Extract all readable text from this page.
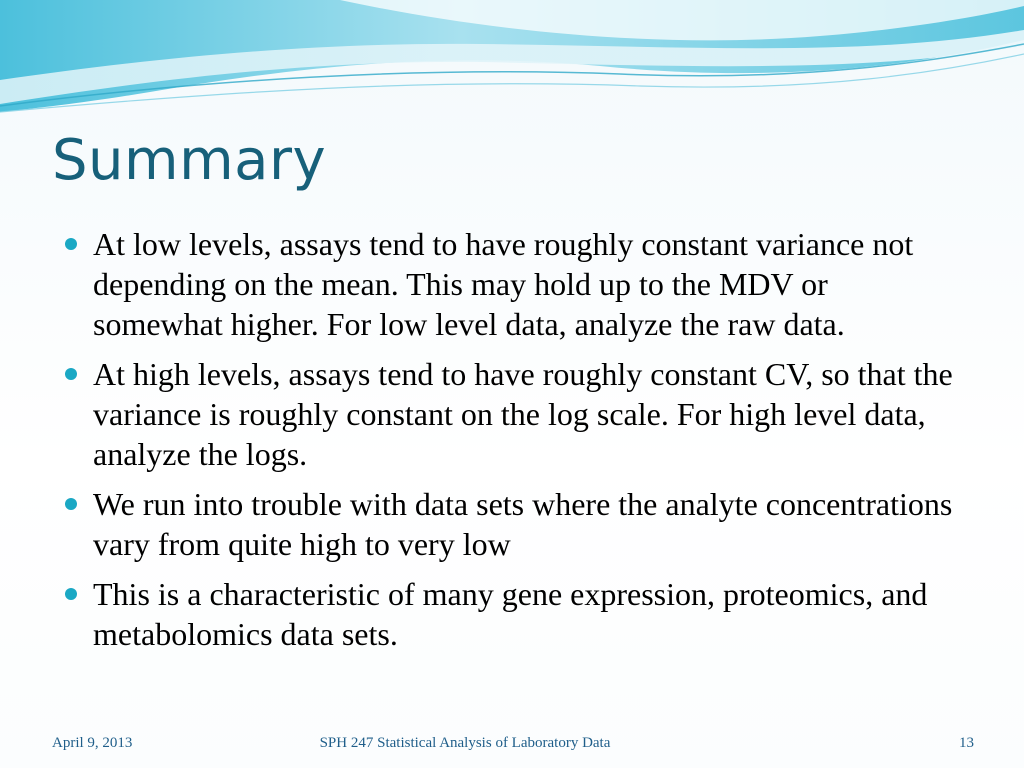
Summary
At low levels, assays tend to have roughly constant variance not depending on the mean. This may hold up to the MDV or somewhat higher. For low level data, analyze the raw data.
At high levels, assays tend to have roughly constant CV, so that the variance is roughly constant on the log scale. For high level data, analyze the logs.
We run into trouble with data sets where the analyte concentrations vary from quite high to very low
This is a characteristic of many gene expression, proteomics, and metabolomics data sets.
April 9, 2013	SPH 247 Statistical Analysis of Laboratory Data	13
